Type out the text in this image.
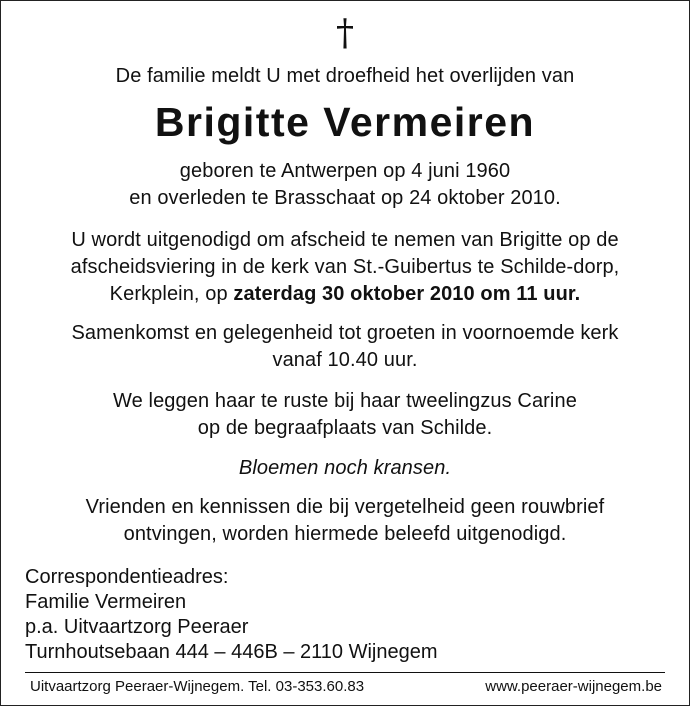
†
De familie meldt U met droefheid het overlijden van
Brigitte Vermeiren
geboren te Antwerpen op 4 juni 1960
en overleden te Brasschaat op 24 oktober 2010.
U wordt uitgenodigd om afscheid te nemen van Brigitte op de
afscheidsviering in de kerk van St.-Guibertus te Schilde-dorp,
Kerkplein, op zaterdag 30 oktober 2010 om 11 uur.
Samenkomst en gelegenheid tot groeten in voornoemde kerk
vanaf 10.40 uur.
We leggen haar te ruste bij haar tweelingzus Carine
op de begraafplaats van Schilde.
Bloemen noch kransen.
Vrienden en kennissen die bij vergetelheid geen rouwbrief
ontvingen, worden hiermede beleefd uitgenodigd.
Correspondentieadres:
Familie Vermeiren
p.a. Uitvaartzorg Peeraer
Turnhoutsebaan 444 – 446B – 2110 Wijnegem
Uitvaartzorg Peeraer-Wijnegem. Tel. 03-353.60.83	www.peeraer-wijnegem.be
